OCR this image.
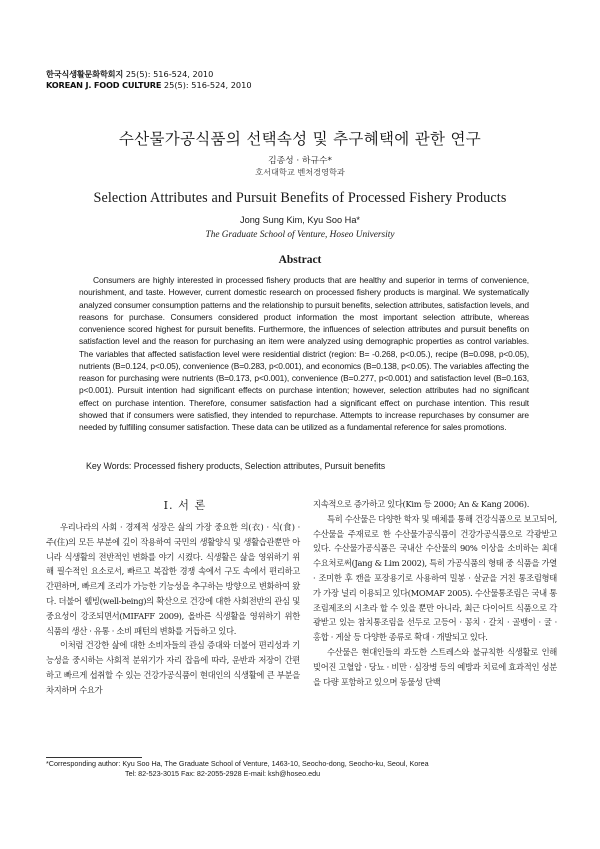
한국식생활문화학회지 25(5): 516-524, 2010
KOREAN J. FOOD CULTURE 25(5): 516-524, 2010
수산물가공식품의 선택속성 및 추구혜택에 관한 연구
김종성 · 하규수*
호서대학교 벤처경영학과
Selection Attributes and Pursuit Benefits of Processed Fishery Products
Jong Sung Kim, Kyu Soo Ha*
The Graduate School of Venture, Hoseo University
Abstract
Consumers are highly interested in processed fishery products that are healthy and superior in terms of convenience, nourishment, and taste. However, current domestic research on processed fishery products is marginal. We systematically analyzed consumer consumption patterns and the relationship to pursuit benefits, selection attributes, satisfaction levels, and reasons for purchase. Consumers considered product information the most important selection attribute, whereas convenience scored highest for pursuit benefits. Furthermore, the influences of selection attributes and pursuit benefits on satisfaction level and the reason for purchasing an item were analyzed using demographic properties as control variables. The variables that affected satisfaction level were residential district (region: B= -0.268, p<0.05.), recipe (B=0.098, p<0.05), nutrients (B=0.124, p<0.05), convenience (B=0.283, p<0.001), and economics (B=0.138, p<0.05). The variables affecting the reason for purchasing were nutrients (B=0.173, p<0.001), convenience (B=0.277, p<0.001) and satisfaction level (B=0.163, p<0.001). Pursuit intention had significant effects on purchase intention; however, selection attributes had no significant effect on purchase intention. Therefore, consumer satisfaction had a significant effect on purchase intention. This result showed that if consumers were satisfied, they intended to repurchase. Attempts to increase repurchases by consumer are needed by fulfilling consumer satisfaction. These data can be utilized as a fundamental reference for sales promotions.
Key Words: Processed fishery products, Selection attributes, Pursuit benefits
Ⅰ. 서 론

우리나라의 사회 · 경제적 성장은 삶의 가장 중요한 의(衣) · 식(食) · 주(住)의 모든 부분에 깊이 작용하여 국민의 생활양식 및 생활습관뿐만 아니라 식생활의 전반적인 변화를 야기 시켰다. 식생활은 삶을 영위하기 위해 필수적인 요소로서, 빠르고 복잡한 경쟁 속에서 구도 속에서 편리하고 간편하며, 빠르게 조리가 가능한 기능성을 추구하는 방향으로 변화하여 왔다. 더불어 웰빙(well-being)의 확산으로 건강에 대한 사회전반의 관심 및 중요성이 강조되면서(MIFAFF 2009), 올바른 식생활을 영위하기 위한 식품의 생산 · 유통 · 소비 패턴의 변화를 거듭하고 있다.

이처럼 건강한 삶에 대한 소비자들의 관심 증대와 더불어 편리성과 기능성을 중시하는 사회적 분위기가 자리 잡음에 따라, 운반과 저장이 간편하고 빠르게 섭취할 수 있는 건강가공식품이 현대인의 식생활에 큰 부분을 차지하며 수요가

지속적으로 증가하고 있다(Kim 등 2000; An & Kang 2006).

특히 수산물은 다양한 학자 및 매체를 통해 건강식품으로 보고되어, 수산물을 주재료로 한 수산물가공식품이 건강가공식품으로 각광받고 있다. 수산물가공식품은 국내산 수산물의 90% 이상을 소비하는 최대 수요처로써(Jang & Lim 2002), 특히 가공식품의 형태 중 식품을 가열 · 조미한 후 캔을 포장용기로 사용하여 밀봉 · 살균을 거친 통조림형태가 가장 널리 이용되고 있다(MOMAF 2005). 수산물통조림은 국내 통조림제조의 시초라 할 수 있을 뿐만 아니라, 최근 다이어트 식품으로 각광받고 있는 참치통조림을 선두로 고등어 · 꽁치 · 갈치 · 골뱅이 · 굴 · 홍합 · 게살 등 다양한 종류로 확대 · 개발되고 있다.

수산물은 현대인들의 과도한 스트레스와 불규칙한 식생활로 인해 빚어진 고혈압 · 당뇨 · 비만 · 심장병 등의 예방과 치료에 효과적인 성분을 다량 포함하고 있으며 동물성 단백

*Corresponding author: Kyu Soo Ha, The Graduate School of Venture, 1463-10, Seocho-dong, Seocho-ku, Seoul, Korea
Tel: 82-523-3015 Fax: 82-2055-2928 E-mail: ksh@hoseo.edu
